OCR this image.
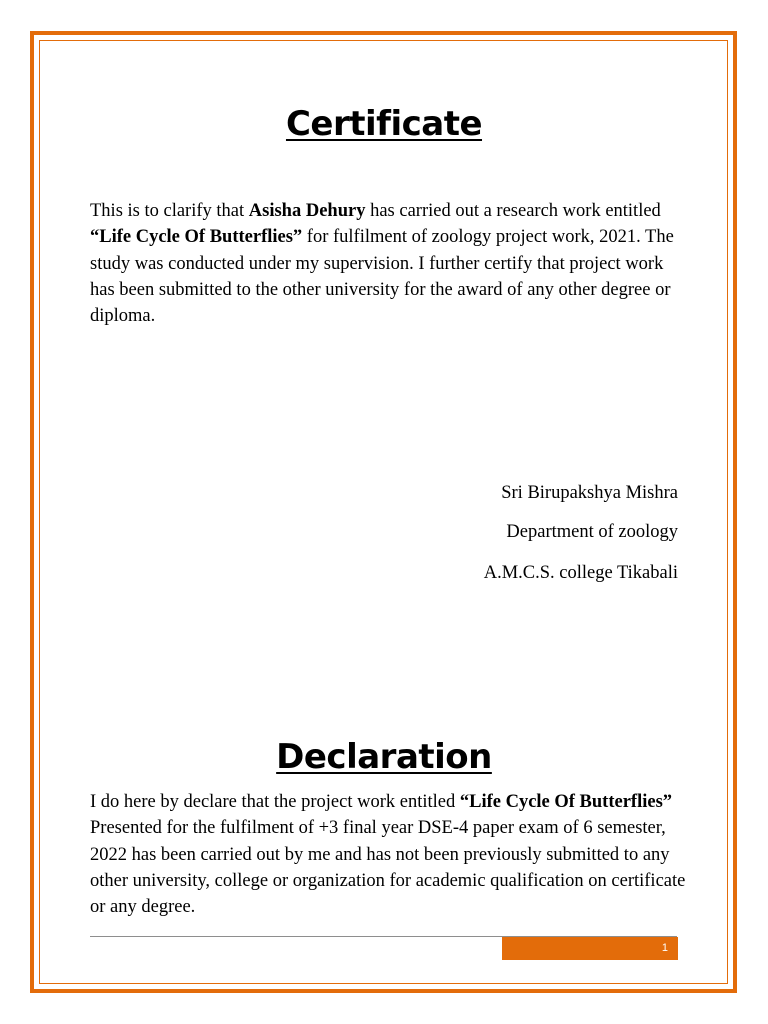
Certificate

This is to clarify that Asisha Dehury has carried out a research work entitled “Life Cycle Of Butterflies” for fulfilment of zoology project work, 2021. The study was conducted under my supervision. I further certify that project work has been submitted to the other university for the award of any other degree or diploma.

Sri Birupakshya Mishra
Department of zoology
A.M.C.S. college Tikabali
Declaration

I do here by declare that the project work entitled “Life Cycle Of Butterflies” Presented for the fulfilment of +3 final year DSE-4 paper exam of 6 semester, 2022 has been carried out by me and has not been previously submitted to any other university, college or organization for academic qualification on certificate or any degree.

1
